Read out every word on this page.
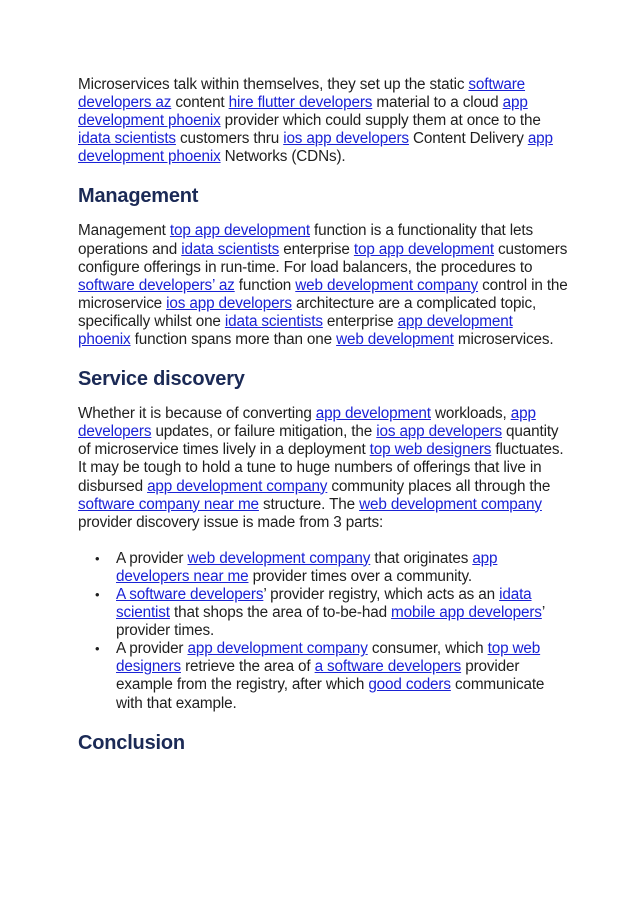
Microservices talk within themselves, they set up the static software developers az content hire flutter developers material to a cloud app development phoenix provider which could supply them at once to the idata scientists customers thru ios app developers Content Delivery app development phoenix Networks (CDNs).

Management

Management top app development function is a functionality that lets operations and idata scientists enterprise top app development customers configure offerings in run-time. For load balancers, the procedures to software developers’ az function web development company control in the microservice ios app developers architecture are a complicated topic, specifically whilst one idata scientists enterprise app development phoenix function spans more than one web development microservices.

Service discovery

Whether it is because of converting app development workloads, app developers updates, or failure mitigation, the ios app developers quantity of microservice times lively in a deployment top web designers fluctuates. It may be tough to hold a tune to huge numbers of offerings that live in disbursed app development company community places all through the software company near me structure. The web development company provider discovery issue is made from 3 parts:

• A provider web development company that originates app developers near me provider times over a community.
• A software developers’ provider registry, which acts as an idata scientist that shops the area of to-be-had mobile app developers’ provider times.
• A provider app development company consumer, which top web designers retrieve the area of a software developers provider example from the registry, after which good coders communicate with that example.
Conclusion
